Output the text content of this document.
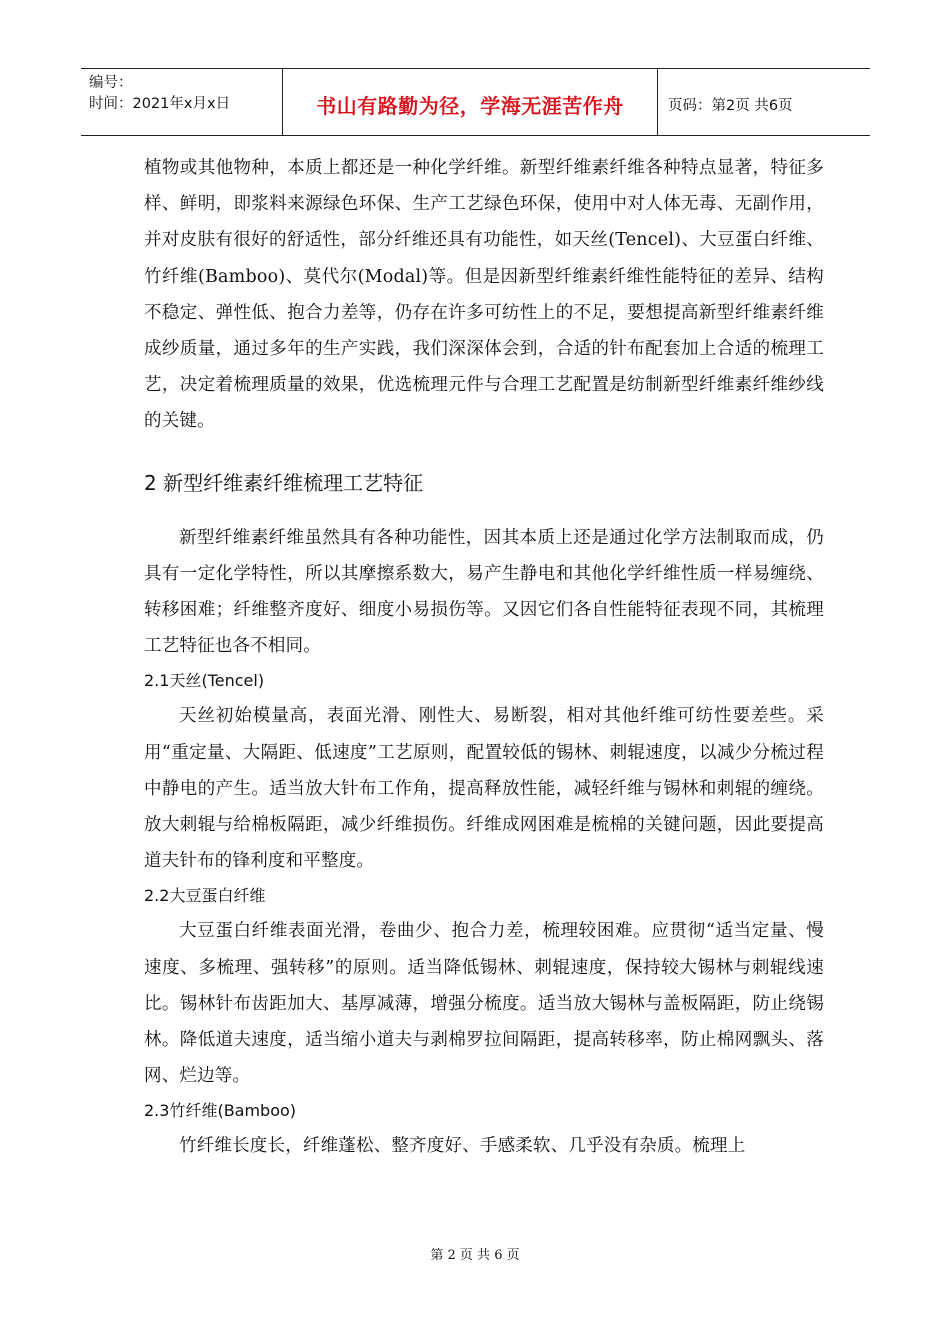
编号：
时间：2021年x月x日	书山有路勤为径，学海无涯苦作舟	页码：第2页 共6页

植物或其他物种，本质上都还是一种化学纤维。新型纤维素纤维各种特点显著，特征多样、鲜明，即浆料来源绿色环保、生产工艺绿色环保，使用中对人体无毒、无副作用，并对皮肤有很好的舒适性，部分纤维还具有功能性，如天丝(Tencel)、大豆蛋白纤维、竹纤维(Bamboo)、莫代尔(Modal)等。但是因新型纤维素纤维性能特征的差异、结构不稳定、弹性低、抱合力差等，仍存在许多可纺性上的不足，要想提高新型纤维素纤维成纱质量，通过多年的生产实践，我们深深体会到，合适的针布配套加上合适的梳理工艺，决定着梳理质量的效果，优选梳理元件与合理工艺配置是纺制新型纤维素纤维纱线的关键。

2 新型纤维素纤维梳理工艺特征

新型纤维素纤维虽然具有各种功能性，因其本质上还是通过化学方法制取而成，仍具有一定化学特性，所以其摩擦系数大，易产生静电和其他化学纤维性质一样易缠绕、转移困难；纤维整齐度好、细度小易损伤等。又因它们各自性能特征表现不同，其梳理工艺特征也各不相同。

2.1天丝(Tencel)

天丝初始模量高，表面光滑、刚性大、易断裂，相对其他纤维可纺性要差些。采用“重定量、大隔距、低速度”工艺原则，配置较低的锡林、刺辊速度，以减少分梳过程中静电的产生。适当放大针布工作角，提高释放性能，减轻纤维与锡林和刺辊的缠绕。放大刺辊与给棉板隔距，减少纤维损伤。纤维成网困难是梳棉的关键问题，因此要提高道夫针布的锋利度和平整度。

2.2大豆蛋白纤维

大豆蛋白纤维表面光滑，卷曲少、抱合力差，梳理较困难。应贯彻“适当定量、慢速度、多梳理、强转移”的原则。适当降低锡林、刺辊速度，保持较大锡林与刺辊线速比。锡林针布齿距加大、基厚减薄，增强分梳度。适当放大锡林与盖板隔距，防止绕锡林。降低道夫速度，适当缩小道夫与剥棉罗拉间隔距，提高转移率，防止棉网飘头、落网、烂边等。

2.3竹纤维(Bamboo)

竹纤维长度长，纤维蓬松、整齐度好、手感柔软、几乎没有杂质。梳理上

第 2 页 共 6 页
